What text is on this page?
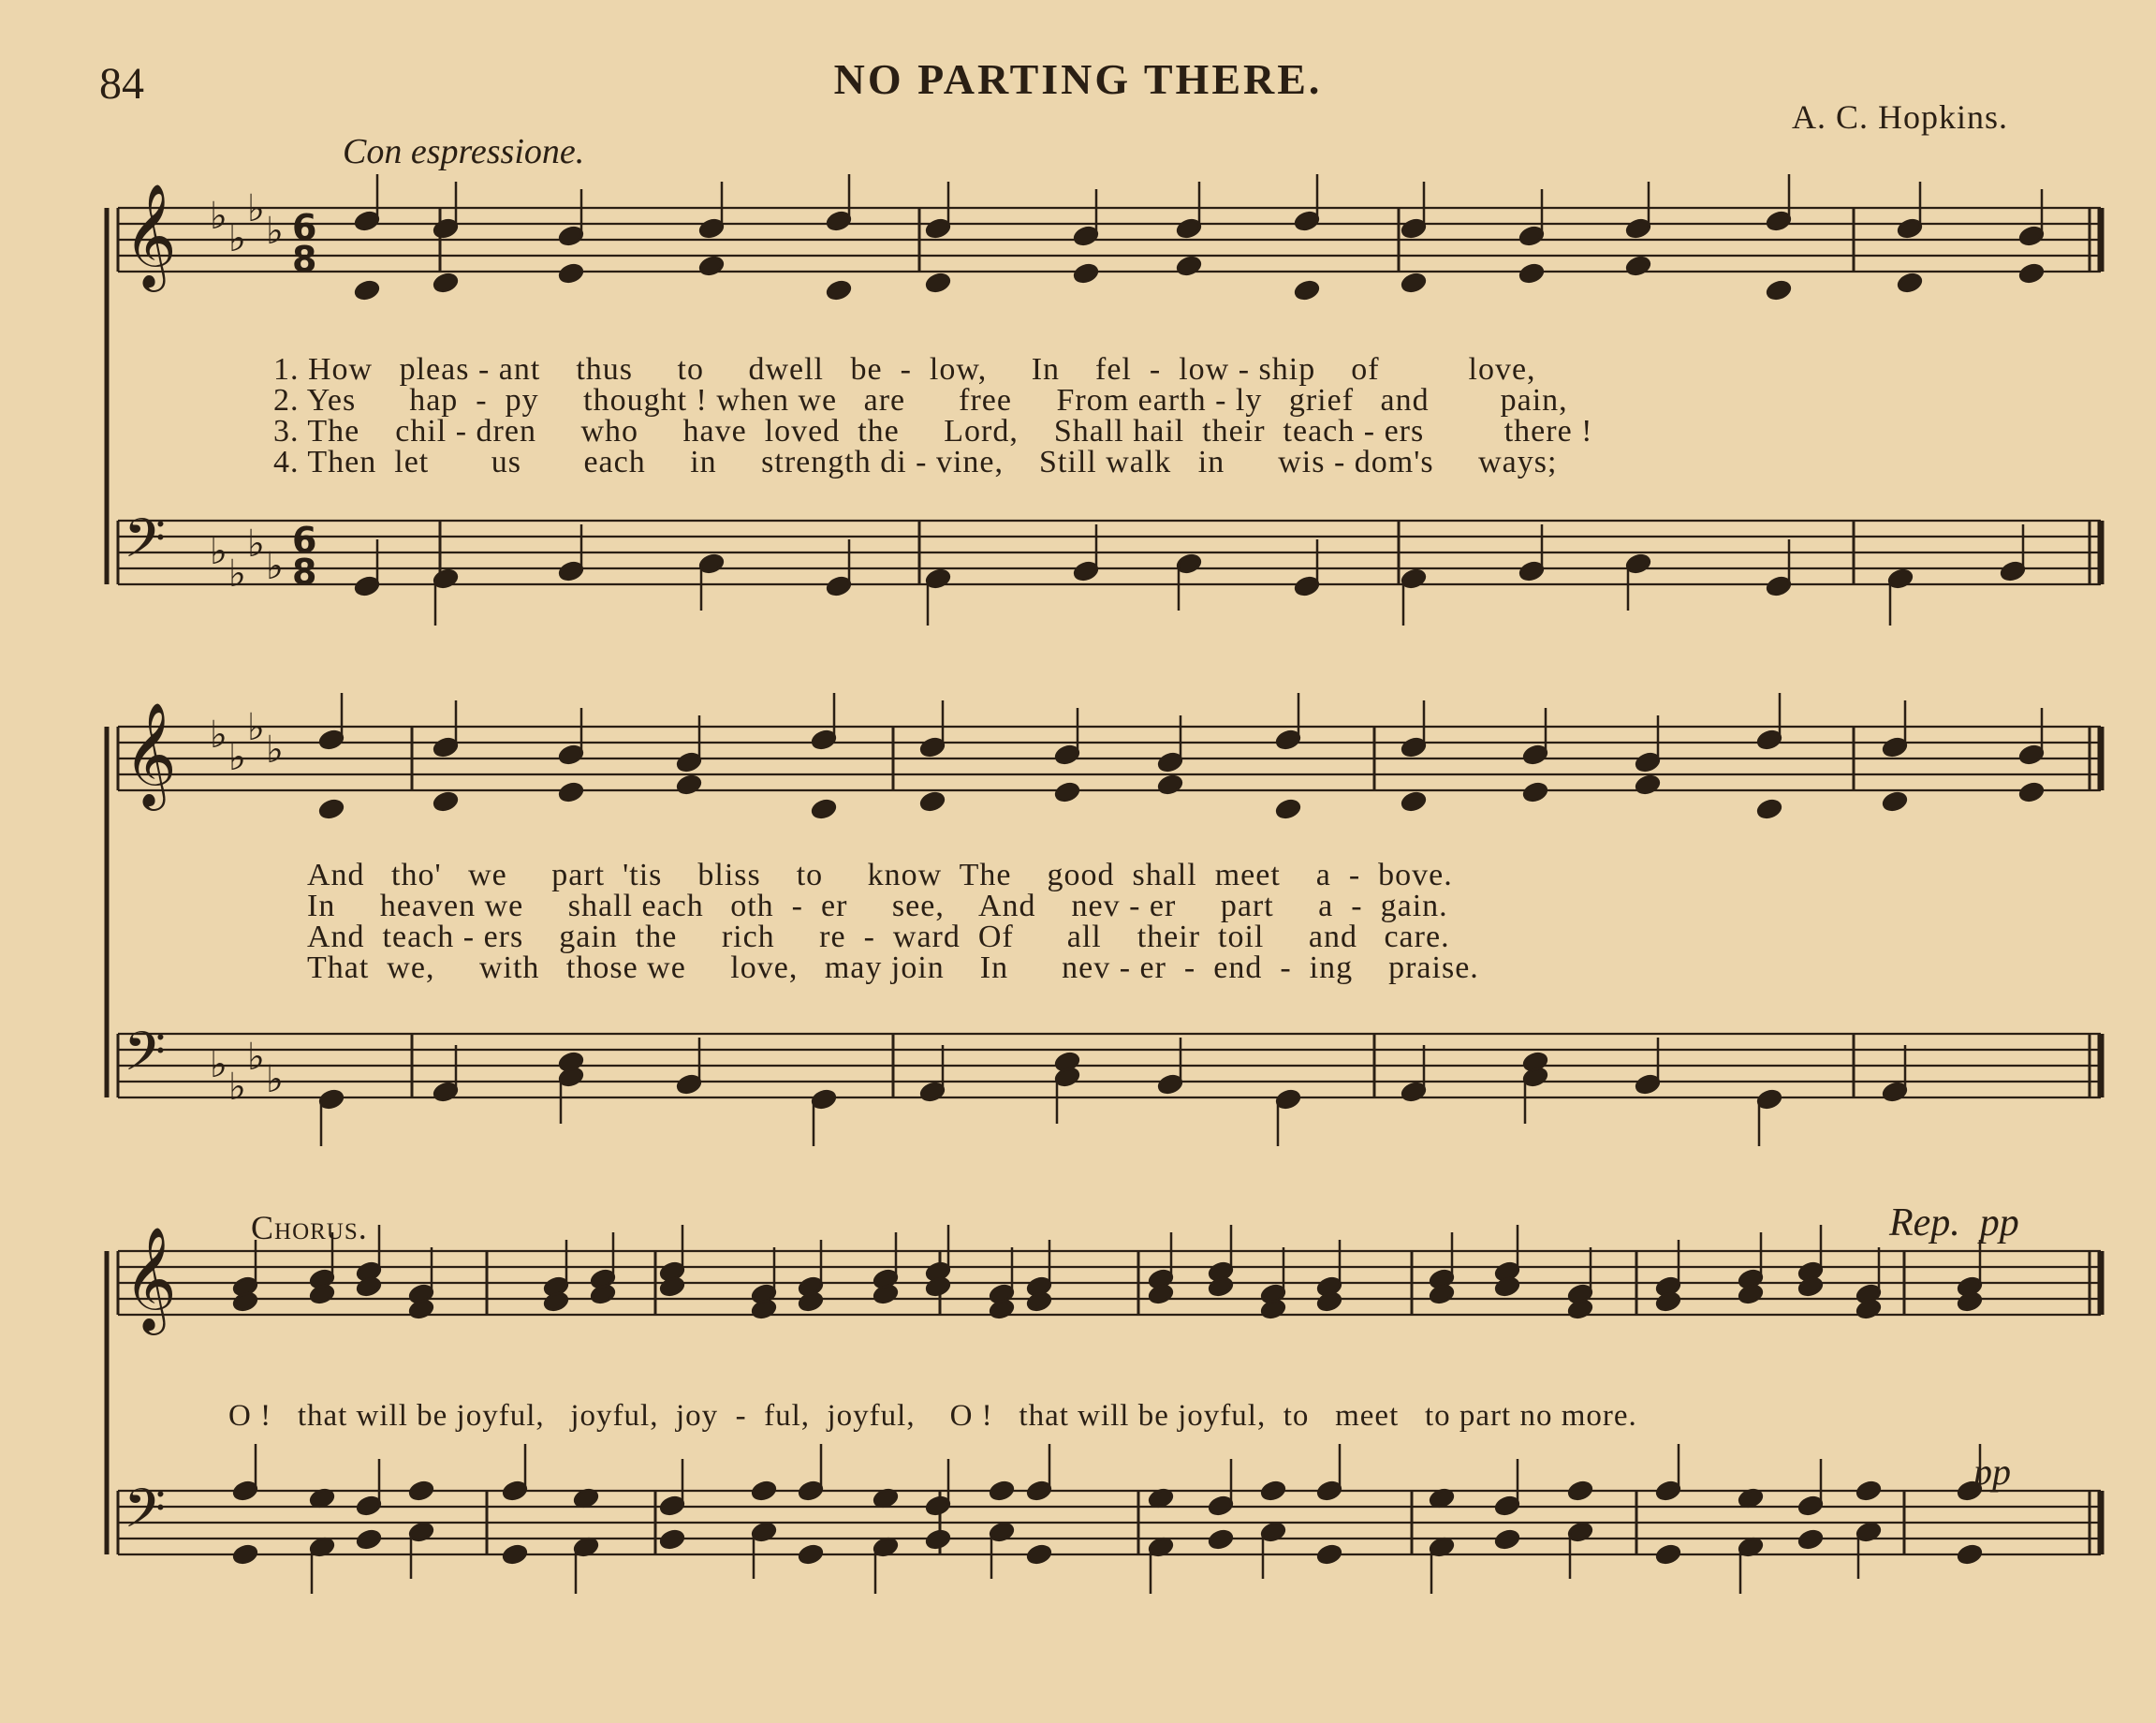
𝄞
𝄢
𝄞
𝄢
𝄞
𝄢
♭
♭
♭
♭ 6
8
♭
♭
♭
♭
6
8
♭
♭
♭
♭
♭
♭
♭
♭
84	NO PARTING THERE.
A. C. Hopkins.
Con espressione.
1. How   pleas - ant    thus     to     dwell   be  -  low,     In    fel  -  low - ship    of          love,
2. Yes      hap  -  py     thought ! when we   are      free     From earth - ly   grief   and        pain,
3. The    chil - dren     who     have  loved  the     Lord,    Shall hail  their  teach - ers         there !
4. Then  let       us       each     in     strength di - vine,    Still walk   in      wis - dom's     ways;
And   tho'   we     part  'tis    bliss    to     know  The    good  shall  meet    a  -  bove.
In     heaven we     shall each   oth  -  er     see,    And    nev - er     part     a  -  gain.
And  teach - ers    gain  the     rich     re  -  ward  Of      all    their  toil     and   care.
That  we,     with   those we     love,   may join    In      nev - er  -  end  -  ing    praise.
Chorus.	Rep. pp
O !   that will be joyful,   joyful,  joy  -  ful,  joyful,    O !   that will be joyful,  to   meet   to part no more.
pp
